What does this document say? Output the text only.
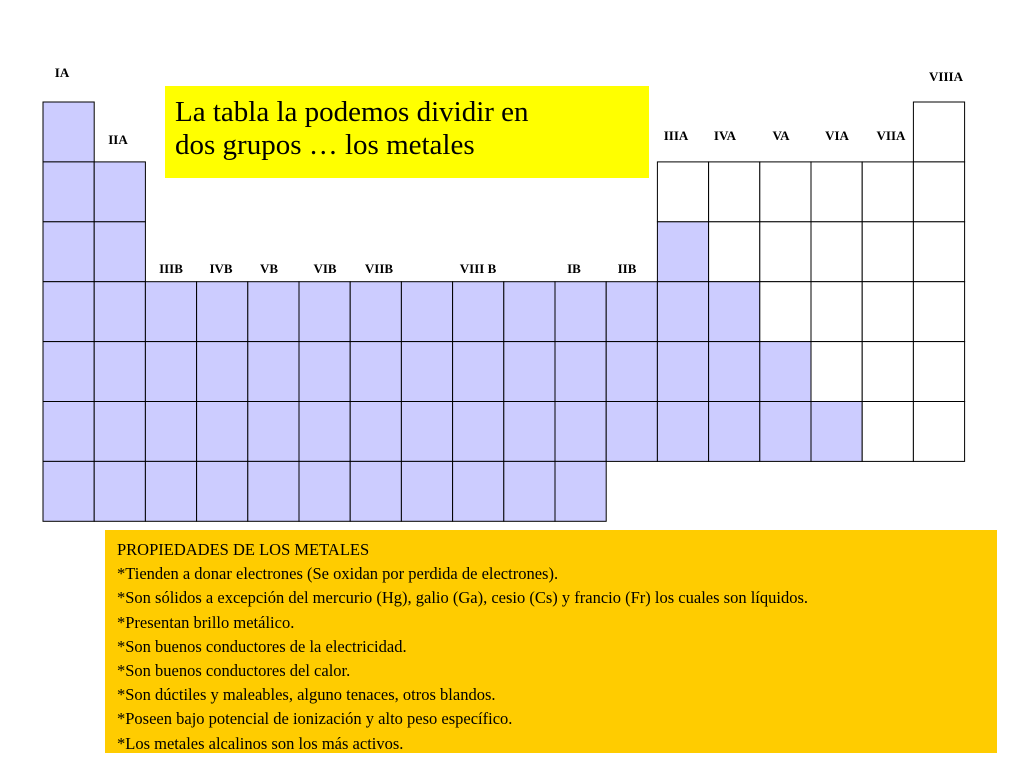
IA
IIA
IIIB IVB VB	VIB VIIB	VIII B	IB	IIB
IIIA IVA	VA	VIA VIIA
VIIIA
La tabla la podemos dividir en
dos grupos … los metales
PROPIEDADES DE LOS METALES
*Tienden a donar electrones (Se oxidan por perdida de electrones).
*Son sólidos a excepción del mercurio (Hg), galio (Ga), cesio (Cs) y francio (Fr) los cuales son líquidos.
*Presentan brillo metálico.
*Son buenos conductores de la electricidad.
*Son buenos conductores del calor.
*Son dúctiles y maleables, alguno tenaces, otros blandos.
*Poseen bajo potencial de ionización y alto peso específico.
*Los metales alcalinos son los más activos.
